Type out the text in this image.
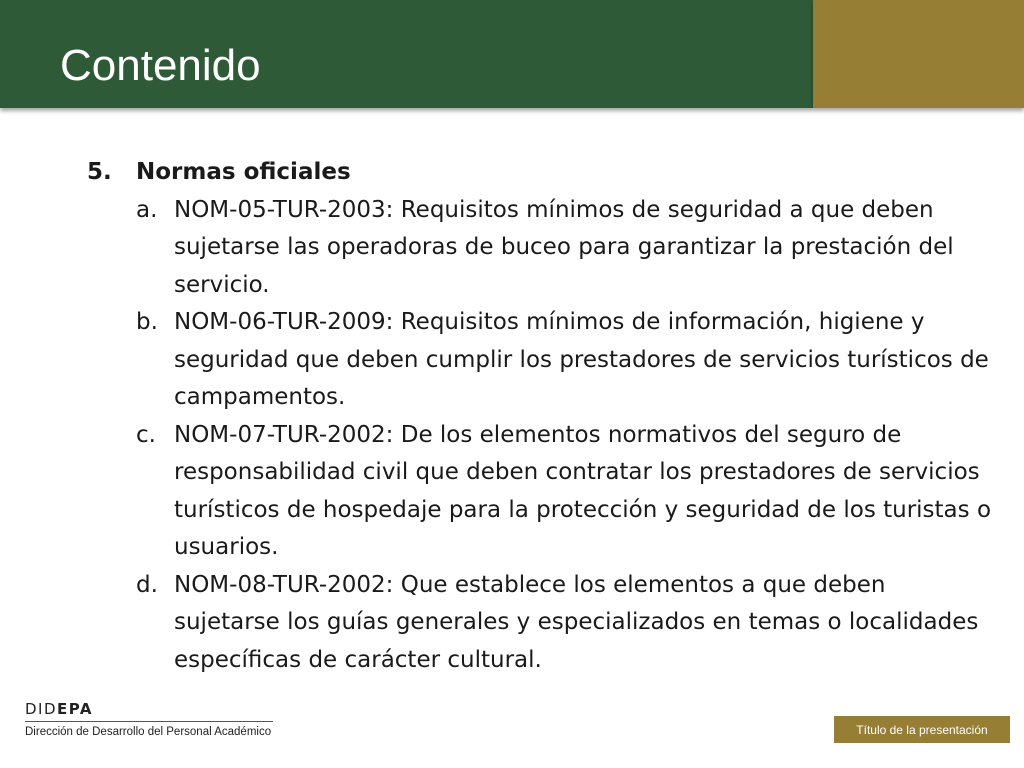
Contenido
5.	Normas oficiales
a. NOM-05-TUR-2003: Requisitos mínimos de seguridad a que deben sujetarse las operadoras de buceo para garantizar la prestación del servicio.
b. NOM-06-TUR-2009: Requisitos mínimos de información, higiene y seguridad que deben cumplir los prestadores de servicios turísticos de campamentos.
c. NOM-07-TUR-2002: De los elementos normativos del seguro de responsabilidad civil que deben contratar los prestadores de servicios turísticos de hospedaje para la protección y seguridad de los turistas o usuarios.
d. NOM-08-TUR-2002: Que establece los elementos a que deben sujetarse los guías generales y especializados en temas o localidades específicas de carácter cultural.
DIDEPA
Dirección de Desarrollo del Personal Académico	Título de la presentación
